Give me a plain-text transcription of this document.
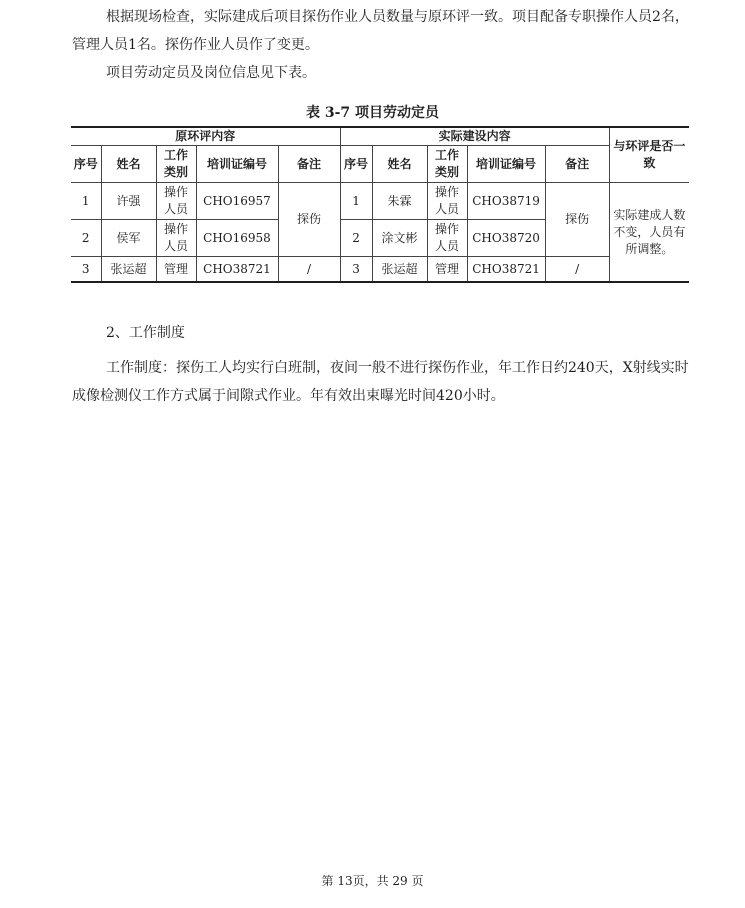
根据现场检查，实际建成后项目探伤作业人员数量与原环评一致。项目配备专职操作人员2名，管理人员1名。探伤作业人员作了变更。

项目劳动定员及岗位信息见下表。

表 3-7 项目劳动定员

原环评内容					实际建设内容					与环评是否一致
序号	姓名	工作类别	培训证编号	备注	序号	姓名	工作类别	培训证编号	备注	
1	许强	操作人员	CHO16957	探伤	1	朱霖	操作人员	CHO38719	探伤	实际建成人数不变，人员有所调整。
2	侯军	操作人员	CHO16958		2	涂文彬	操作人员	CHO38720		
3	张运超	管理	CHO38721	/	3	张运超	管理	CHO38721	/	

2、工作制度

工作制度：探伤工人均实行白班制，夜间一般不进行探伤作业，年工作日约240天，X射线实时成像检测仪工作方式属于间隙式作业。年有效出束曝光时间420小时。

第 13页，共 29 页
